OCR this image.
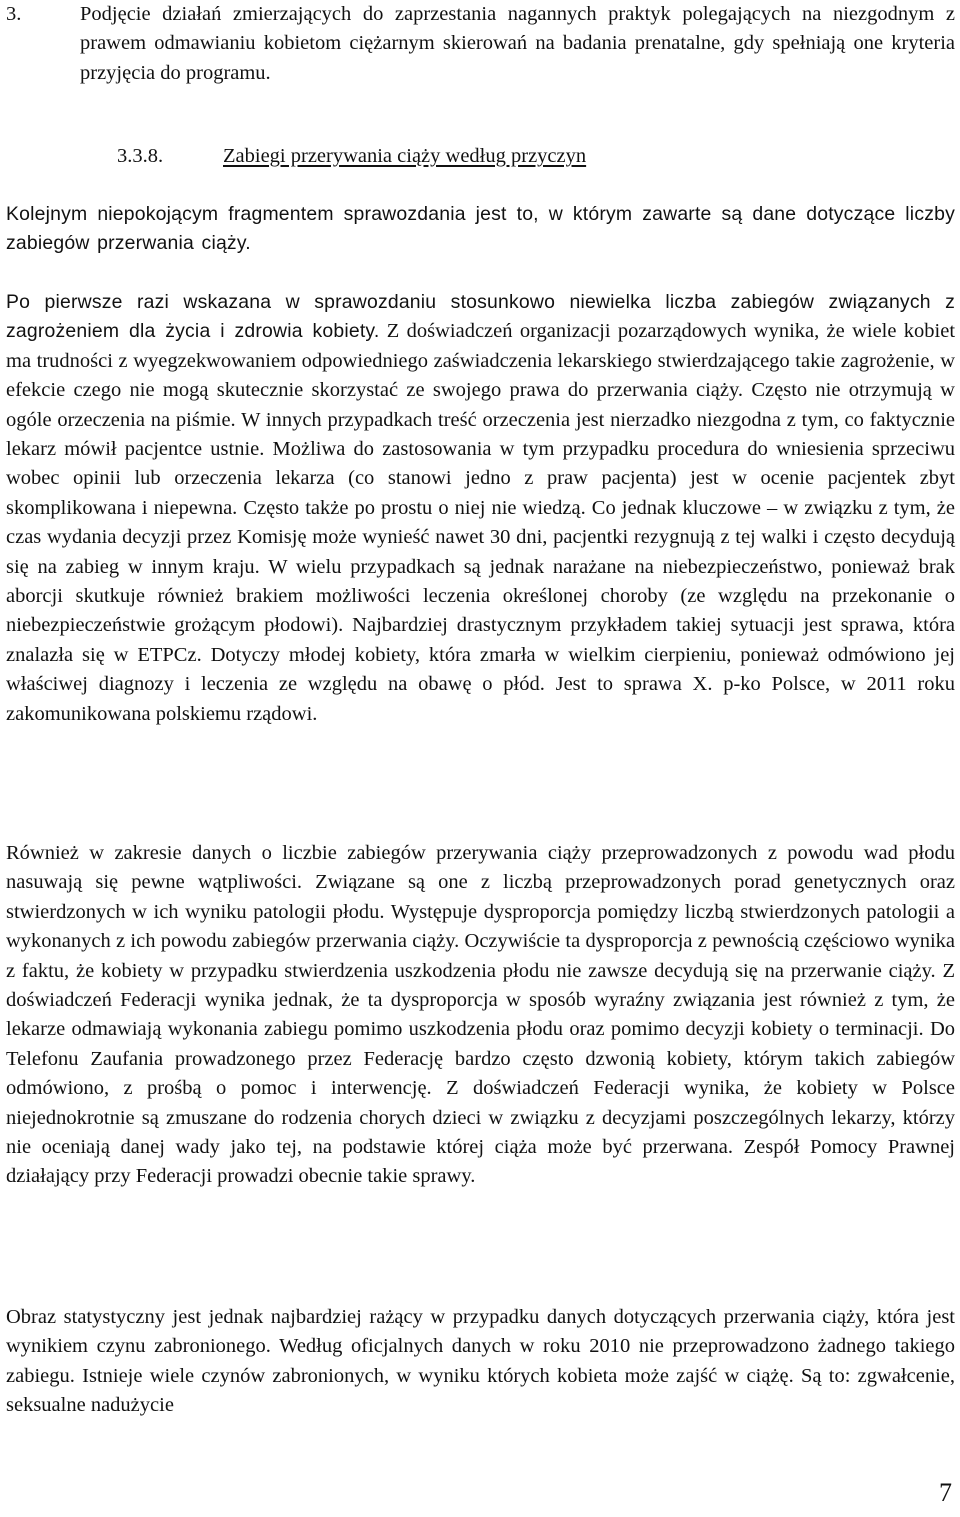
3.	Podjęcie działań zmierzających do zaprzestania nagannych praktyk polegających na niezgodnym z prawem odmawianiu kobietom ciężarnym skierowań na badania prenatalne, gdy spełniają one kryteria przyjęcia do programu.

3.3.8.	Zabiegi przerywania ciąży według przyczyn

Kolejnym niepokojącym fragmentem sprawozdania jest to, w którym zawarte są dane dotyczące liczby zabiegów przerwania ciąży.

Po pierwsze razi wskazana w sprawozdaniu stosunkowo niewielka liczba zabiegów związanych z zagrożeniem dla życia i zdrowia kobiety. Z doświadczeń organizacji pozarządowych wynika, że wiele kobiet ma trudności z wyegzekwowaniem odpowiedniego zaświadczenia lekarskiego stwierdzającego takie zagrożenie, w efekcie czego nie mogą skutecznie skorzystać ze swojego prawa do przerwania ciąży. Często nie otrzymują w ogóle orzeczenia na piśmie. W innych przypadkach treść orzeczenia jest nierzadko niezgodna z tym, co faktycznie lekarz mówił pacjentce ustnie. Możliwa do zastosowania w tym przypadku procedura do wniesienia sprzeciwu wobec opinii lub orzeczenia lekarza (co stanowi jedno z praw pacjenta) jest w ocenie pacjentek zbyt skomplikowana i niepewna. Często także po prostu o niej nie wiedzą. Co jednak kluczowe – w związku z tym, że czas wydania decyzji przez Komisję może wynieść nawet 30 dni, pacjentki rezygnują z tej walki i często decydują się na zabieg w innym kraju. W wielu przypadkach są jednak narażane na niebezpieczeństwo, ponieważ brak aborcji skutkuje również brakiem możliwości leczenia określonej choroby (ze względu na przekonanie o niebezpieczeństwie grożącym płodowi). Najbardziej drastycznym przykładem takiej sytuacji jest sprawa, która znalazła się w ETPCz. Dotyczy młodej kobiety, która zmarła w wielkim cierpieniu, ponieważ odmówiono jej właściwej diagnozy i leczenia ze względu na obawę o płód. Jest to sprawa X. p-ko Polsce, w 2011 roku zakomunikowana polskiemu rządowi.

Również w zakresie danych o liczbie zabiegów przerywania ciąży przeprowadzonych z powodu wad płodu nasuwają się pewne wątpliwości. Związane są one z liczbą przeprowadzonych porad genetycznych oraz stwierdzonych w ich wyniku patologii płodu. Występuje dysproporcja pomiędzy liczbą stwierdzonych patologii a wykonanych z ich powodu zabiegów przerwania ciąży. Oczywiście ta dysproporcja z pewnością częściowo wynika z faktu, że kobiety w przypadku stwierdzenia uszkodzenia płodu nie zawsze decydują się na przerwanie ciąży. Z doświadczeń Federacji wynika jednak, że ta dysproporcja w sposób wyraźny związania jest również z tym, że lekarze odmawiają wykonania zabiegu pomimo uszkodzenia płodu oraz pomimo decyzji kobiety o terminacji. Do Telefonu Zaufania prowadzonego przez Federację bardzo często dzwonią kobiety, którym takich zabiegów odmówiono, z prośbą o pomoc i interwencję. Z doświadczeń Federacji wynika, że kobiety w Polsce niejednokrotnie są zmuszane do rodzenia chorych dzieci w związku z decyzjami poszczególnych lekarzy, którzy nie oceniają danej wady jako tej, na podstawie której ciąża może być przerwana. Zespół Pomocy Prawnej działający przy Federacji prowadzi obecnie takie sprawy.

Obraz statystyczny jest jednak najbardziej rażący w przypadku danych dotyczących przerwania ciąży, która jest wynikiem czynu zabronionego. Według oficjalnych danych w roku 2010 nie przeprowadzono żadnego takiego zabiegu. Istnieje wiele czynów zabronionych, w wyniku których kobieta może zajść w ciążę. Są to: zgwałcenie, seksualne nadużycie

7
